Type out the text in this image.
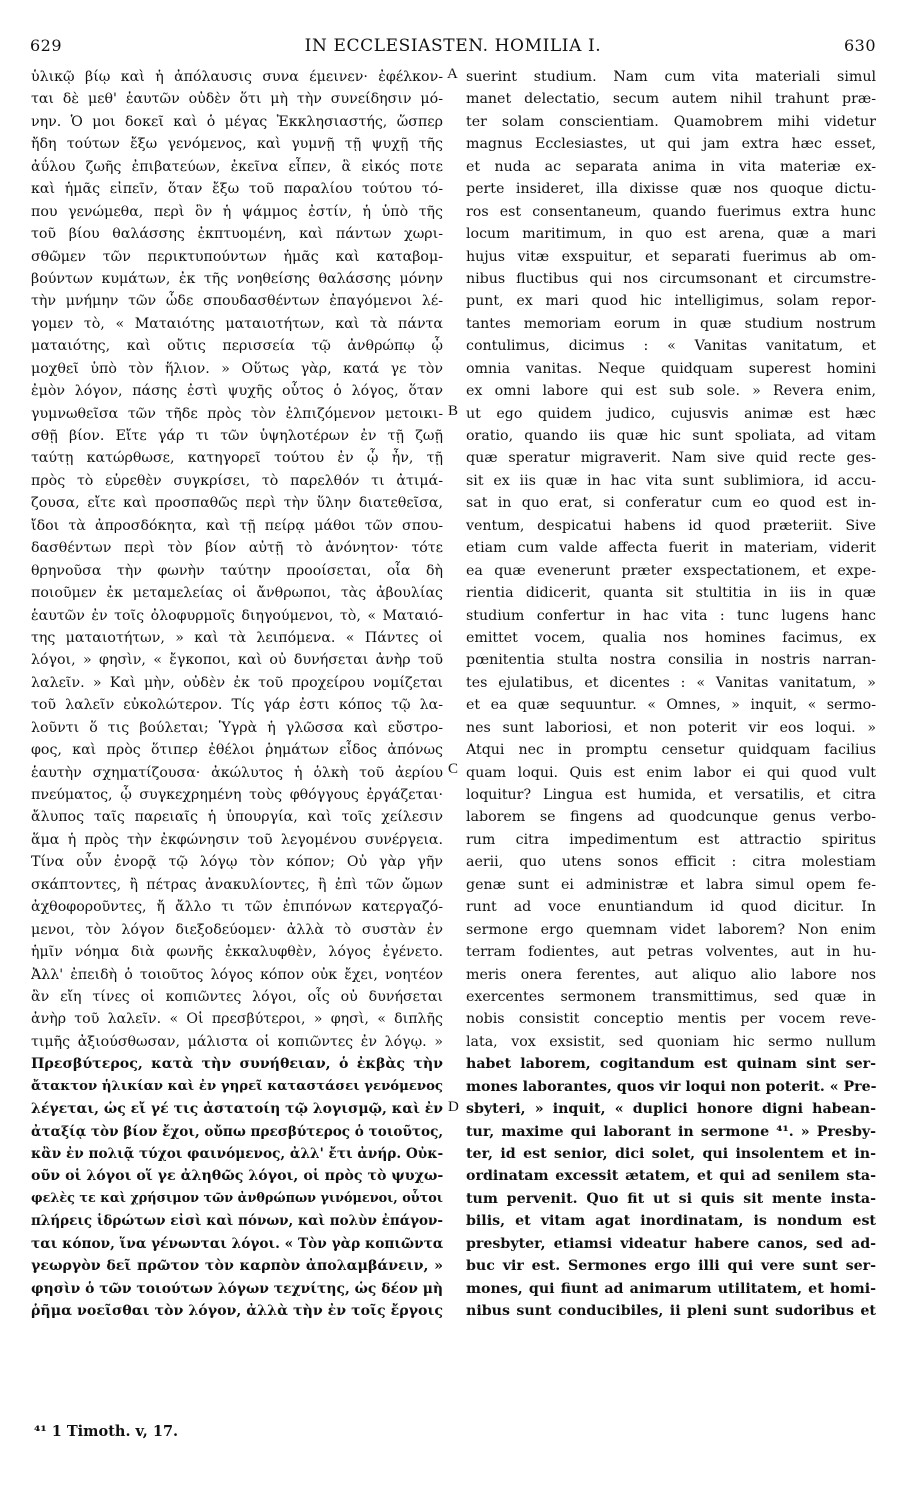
629	IN ECCLESIASTEN. HOMILIA I.	630
ὑλικῷ βίῳ καὶ ἡ ἀπόλαυσις συνα έμεινεν· ἐφέλκον-
ται δὲ μεθ' ἑαυτῶν οὐδὲν ὅτι μὴ τὴν συνείδησιν μό-
νην. Ὁ μοι δοκεῖ καὶ ὁ μέγας Ἐκκλησιαστής, ὥσπερ
ἤδη τούτων ἔξω γενόμενος, καὶ γυμνῇ τῇ ψυχῇ τῆς
ἀΰλου ζωῆς ἐπιβατεύων, ἐκεῖνα εἶπεν, ἃ εἰκός ποτε
καὶ ἡμᾶς εἰπεῖν, ὅταν ἔξω τοῦ παραλίου τούτου τό-
που γενώμεθα, περὶ ὃν ἡ ψάμμος ἐστίν, ἡ ὑπὸ τῆς
τοῦ βίου θαλάσσης ἐκπτυομένη, καὶ πάντων χωρι-
σθῶμεν τῶν περικτυπούντων ἡμᾶς καὶ καταβομ-
βούντων κυμάτων, ἐκ τῆς νοηθείσης θαλάσσης μόνην
τὴν μνήμην τῶν ὧδε σπουδασθέντων ἐπαγόμενοι λέ-
γομεν τὸ, « Ματαιότης ματαιοτήτων, καὶ τὰ πάντα
ματαιότης, καὶ οὔτις περισσεία τῷ ἀνθρώπῳ ᾧ
μοχθεῖ ὑπὸ τὸν ἥλιον. » Οὕτως γὰρ, κατά γε τὸν
ἐμὸν λόγον, πάσης ἐστὶ ψυχῆς οὗτος ὁ λόγος, ὅταν
γυμνωθεῖσα τῶν τῆδε πρὸς τὸν ἐλπιζόμενον μετοικι-
σθῇ βίον. Εἴτε γάρ τι τῶν ὑψηλοτέρων ἐν τῇ ζωῇ
ταύτῃ κατώρθωσε, κατηγορεῖ τούτου ἐν ᾧ ἦν, τῇ
πρὸς τὸ εὑρεθὲν συγκρίσει, τὸ παρελθόν τι ἀτιμά-
ζουσα, εἴτε καὶ προσπαθῶς περὶ τὴν ὕλην διατεθεῖσα,
ἴδοι τὰ ἀπροσδόκητα, καὶ τῇ πείρᾳ μάθοι τῶν σπου-
δασθέντων περὶ τὸν βίον αὐτῇ τὸ ἀνόνητον· τότε
θρηνοῦσα τὴν φωνὴν ταύτην προοίσεται, οἷα δὴ
ποιοῦμεν ἐκ μεταμελείας οἱ ἄνθρωποι, τὰς ἀβουλίας
ἑαυτῶν ἐν τοῖς ὀλοφυρμοῖς διηγούμενοι, τὸ, « Ματαιό-
της ματαιοτήτων, » καὶ τὰ λειπόμενα. « Πάντες οἱ
λόγοι, » φησὶν, « ἔγκοποι, καὶ οὐ δυνήσεται ἀνὴρ τοῦ
λαλεῖν. » Καὶ μὴν, οὐδὲν ἐκ τοῦ προχείρου νομίζεται
τοῦ λαλεῖν εὐκολώτερον. Τίς γάρ ἐστι κόπος τῷ λα-
λοῦντι ὅ τις βούλεται; Ὑγρὰ ἡ γλῶσσα καὶ εὔστρο-
φος, καὶ πρὸς ὅτιπερ ἐθέλοι ῥημάτων εἶδος ἀπόνως
ἑαυτὴν σχηματίζουσα· ἀκώλυτος ἡ ὁλκὴ τοῦ ἀερίου
πνεύματος, ᾧ συγκεχρημένη τοὺς φθόγγους ἐργάζεται·
ἄλυπος ταῖς παρειαῖς ἡ ὑπουργία, καὶ τοῖς χείλεσιν
ἅμα ἡ πρὸς τὴν ἐκφώνησιν τοῦ λεγομένου συνέργεια.
Τίνα οὖν ἐνορᾷ τῷ λόγῳ τὸν κόπον; Οὐ γὰρ γῆν
σκάπτοντες, ἢ πέτρας ἀνακυλίοντες, ἢ ἐπὶ τῶν ὤμων
ἀχθοφοροῦντες, ἤ ἄλλο τι τῶν ἐπιπόνων κατεργαζό-
μενοι, τὸν λόγον διεξοδεύομεν· ἀλλὰ τὸ συστὰν ἐν
ἡμῖν νόημα διὰ φωνῆς ἐκκαλυφθὲν, λόγος ἐγένετο.
Ἀλλ' ἐπειδὴ ὁ τοιοῦτος λόγος κόπον οὐκ ἔχει, νοητέον
ἂν εἴη τίνες οἱ κοπιῶντες λόγοι, οἷς οὐ δυνήσεται
ἀνὴρ τοῦ λαλεῖν. « Οἱ πρεσβύτεροι, » φησὶ, « διπλῆς
τιμῆς ἀξιούσθωσαν, μάλιστα οἱ κοπιῶντες ἐν λόγῳ. »
Πρεσβύτερος, κατὰ τὴν συνήθειαν, ὁ ἐκβὰς τὴν
ἄτακτον ἡλικίαν καὶ ἐν γηρεῖ καταστάσει γενόμενος
λέγεται, ὡς εἴ γέ τις ἀστατοίη τῷ λογισμῷ, καὶ ἐν
ἀταξίᾳ τὸν βίον ἔχοι, οὔπω πρεσβύτερος ὁ τοιοῦτος,
κἂν ἐν πολιᾷ τύχοι φαινόμενος, ἀλλ' ἔτι ἀνήρ. Οὐκ-
οῦν οἱ λόγοι οἵ γε ἀληθῶς λόγοι, οἱ πρὸς τὸ ψυχω-
φελὲς τε καὶ χρήσιμον τῶν ἀνθρώπων γινόμενοι, οὗτοι
πλήρεις ἱδρώτων εἰσὶ καὶ πόνων, καὶ πολὺν ἐπάγον-
ται κόπον, ἵνα γένωνται λόγοι. « Τὸν γὰρ κοπιῶντα
γεωργὸν δεῖ πρῶτον τὸν καρπὸν ἀπολαμβάνειν, »
φησὶν ὁ τῶν τοιούτων λόγων τεχνίτης, ὡς δέον μὴ
ῥῆμα νοεῖσθαι τὸν λόγον, ἀλλὰ τὴν ἐν τοῖς ἔργοις
suerint studium. Nam cum vita materiali simul
manet delectatio, secum autem nihil trahunt præ-
ter solam conscientiam. Quamobrem mihi videtur
magnus Ecclesiastes, ut qui jam extra hæc esset,
et nuda ac separata anima in vita materiæ ex-
perte insideret, illa dixisse quæ nos quoque dictu-
ros est consentaneum, quando fuerimus extra hunc
locum maritimum, in quo est arena, quæ a mari
hujus vitæ exspuitur, et separati fuerimus ab om-
nibus fluctibus qui nos circumsonant et circumstre-
punt, ex mari quod hic intelligimus, solam repor-
tantes memoriam eorum in quæ studium nostrum
contulimus, dicimus : « Vanitas vanitatum, et
omnia vanitas. Neque quidquam superest homini
ex omni labore qui est sub sole. » Revera enim,
ut ego quidem judico, cujusvis animæ est hæc
oratio, quando iis quæ hic sunt spoliata, ad vitam
quæ speratur migraverit. Nam sive quid recte ges-
sit ex iis quæ in hac vita sunt sublimiora, id accu-
sat in quo erat, si conferatur cum eo quod est in-
ventum, despicatui habens id quod præteriit. Sive
etiam cum valde affecta fuerit in materiam, viderit
ea quæ evenerunt præter exspectationem, et expe-
rientia didicerit, quanta sit stultitia in iis in quæ
studium confertur in hac vita : tunc lugens hanc
emittet vocem, qualia nos homines facimus, ex
pœnitentia stulta nostra consilia in nostris narran-
tes ejulatibus, et dicentes : « Vanitas vanitatum, »
et ea quæ sequuntur. « Omnes, » inquit, « sermo-
nes sunt laboriosi, et non poterit vir eos loqui. »
Atqui nec in promptu censetur quidquam facilius
quam loqui. Quis est enim labor ei qui quod vult
loquitur? Lingua est humida, et versatilis, et citra
laborem se fingens ad quodcunque genus verbo-
rum citra impedimentum est attractio spiritus
aerii, quo utens sonos efficit : citra molestiam
genæ sunt ei administræ et labra simul opem fe-
runt ad voce enuntiandum id quod dicitur. In
sermone ergo quemnam videt laborem? Non enim
terram fodientes, aut petras volventes, aut in hu-
meris onera ferentes, aut aliquo alio labore nos
exercentes sermonem transmittimus, sed quæ in
nobis consistit conceptio mentis per vocem reve-
lata, vox exsistit, sed quoniam hic sermo nullum
habet laborem, cogitandum est quinam sint ser-
mones laborantes, quos vir loqui non poterit. « Pre-
sbyteri, » inquit, « duplici honore digni habean-
tur, maxime qui laborant in sermone ⁴¹. » Presby-
ter, id est senior, dici solet, qui insolentem et in-
ordinatam excessit ætatem, et qui ad senilem sta-
tum pervenit. Quo fit ut si quis sit mente insta-
bilis, et vitam agat inordinatam, is nondum est
presbyter, etiamsi videatur habere canos, sed ad-
buc vir est. Sermones ergo illi qui vere sunt ser-
mones, qui fiunt ad animarum utilitatem, et homi-
nibus sunt conducibiles, ii pleni sunt sudoribus et
A
B
C
D
⁴¹ 1 Timoth. v, 17.
